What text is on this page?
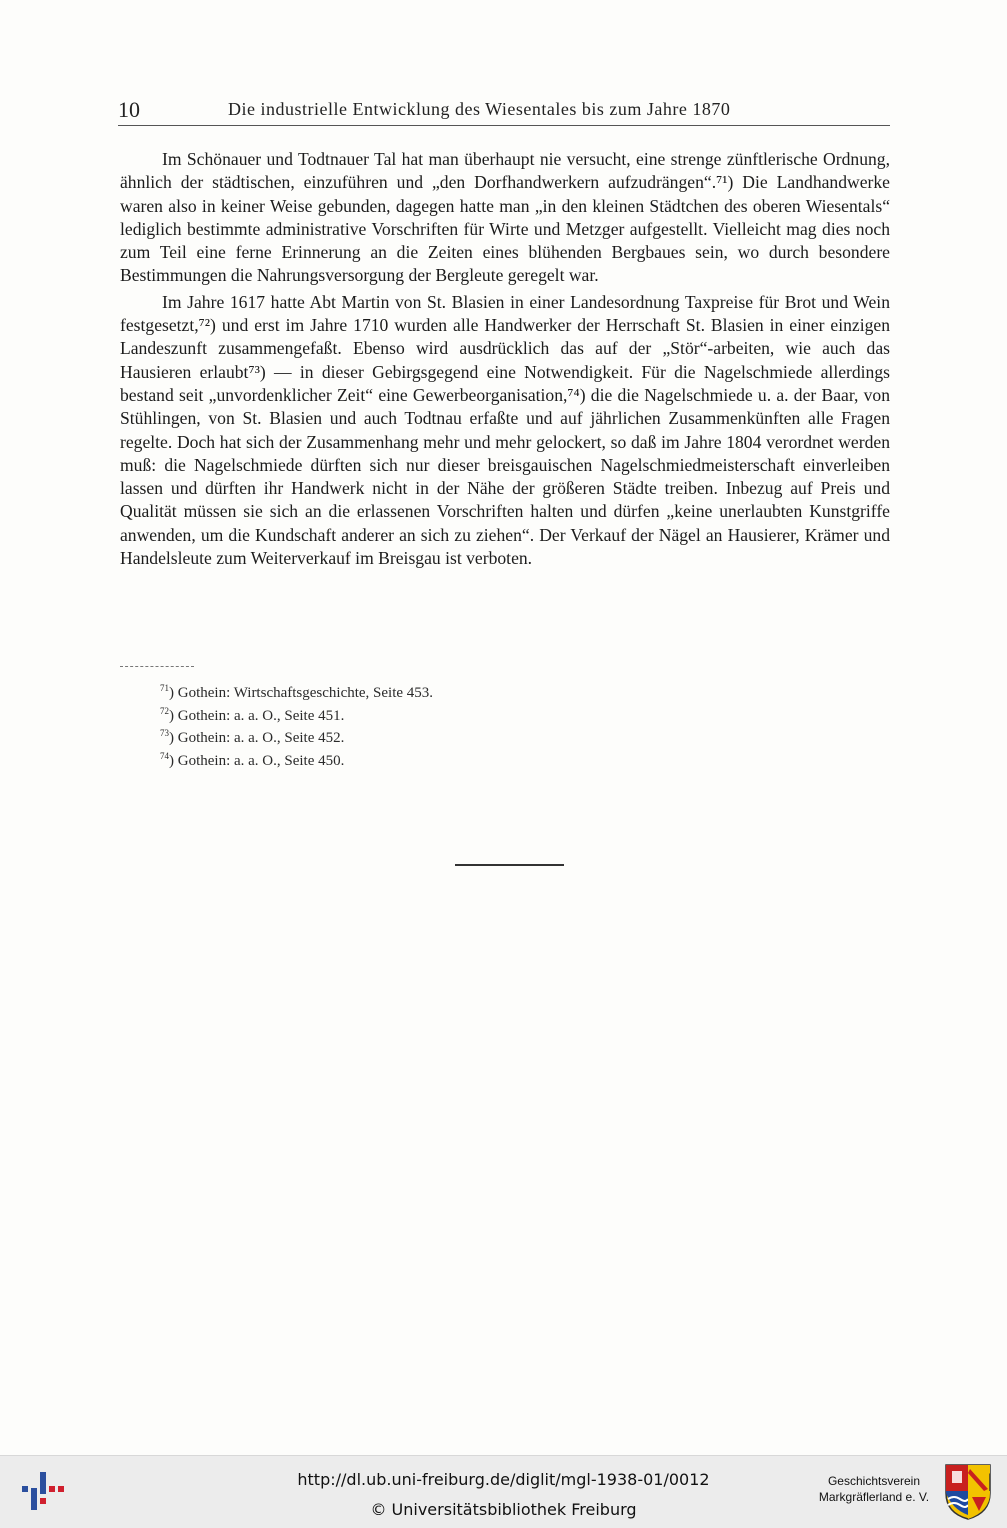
10	Die industrielle Entwicklung des Wiesentales bis zum Jahre 1870

Im Schönauer und Todtnauer Tal hat man überhaupt nie versucht, eine strenge zünftlerische Ordnung, ähnlich der städtischen, einzuführen und „den Dorfhandwerkern aufzudrängen“.⁷¹) Die Landhandwerke waren also in keiner Weise gebunden, dagegen hatte man „in den kleinen Städtchen des oberen Wiesentals“ lediglich bestimmte administrative Vorschriften für Wirte und Metzger aufgestellt. Vielleicht mag dies noch zum Teil eine ferne Erinnerung an die Zeiten eines blühenden Bergbaues sein, wo durch besondere Bestimmungen die Nahrungsversorgung der Bergleute geregelt war.

Im Jahre 1617 hatte Abt Martin von St. Blasien in einer Landesordnung Taxpreise für Brot und Wein festgesetzt,⁷²) und erst im Jahre 1710 wurden alle Handwerker der Herrschaft St. Blasien in einer einzigen Landeszunft zusammengefaßt. Ebenso wird ausdrücklich das auf der „Stör“-arbeiten, wie auch das Hausieren erlaubt⁷³) — in dieser Gebirgsgegend eine Notwendigkeit. Für die Nagelschmiede allerdings bestand seit „unvordenklicher Zeit“ eine Gewerbeorganisation,⁷⁴) die die Nagelschmiede u. a. der Baar, von Stühlingen, von St. Blasien und auch Todtnau erfaßte und auf jährlichen Zusammenkünften alle Fragen regelte. Doch hat sich der Zusammenhang mehr und mehr gelockert, so daß im Jahre 1804 verordnet werden muß: die Nagelschmiede dürften sich nur dieser breisgauischen Nagelschmiedmeisterschaft einverleiben lassen und dürften ihr Handwerk nicht in der Nähe der größeren Städte treiben. Inbezug auf Preis und Qualität müssen sie sich an die erlassenen Vorschriften halten und dürfen „keine unerlaubten Kunstgriffe anwenden, um die Kundschaft anderer an sich zu ziehen“. Der Verkauf der Nägel an Hausierer, Krämer und Handelsleute zum Weiterverkauf im Breisgau ist verboten.

$^{71}$) Gothein: Wirtschaftsgeschichte, Seite 453.
$^{72}$) Gothein: a. a. O., Seite 451.
$^{73}$) Gothein: a. a. O., Seite 452.
$^{74}$) Gothein: a. a. O., Seite 450.
http://dl.ub.uni-freiburg.de/diglit/mgl-1938-01/0012
© Universitätsbibliothek Freiburg
Geschichtsverein
Markgräflerland e. V.
